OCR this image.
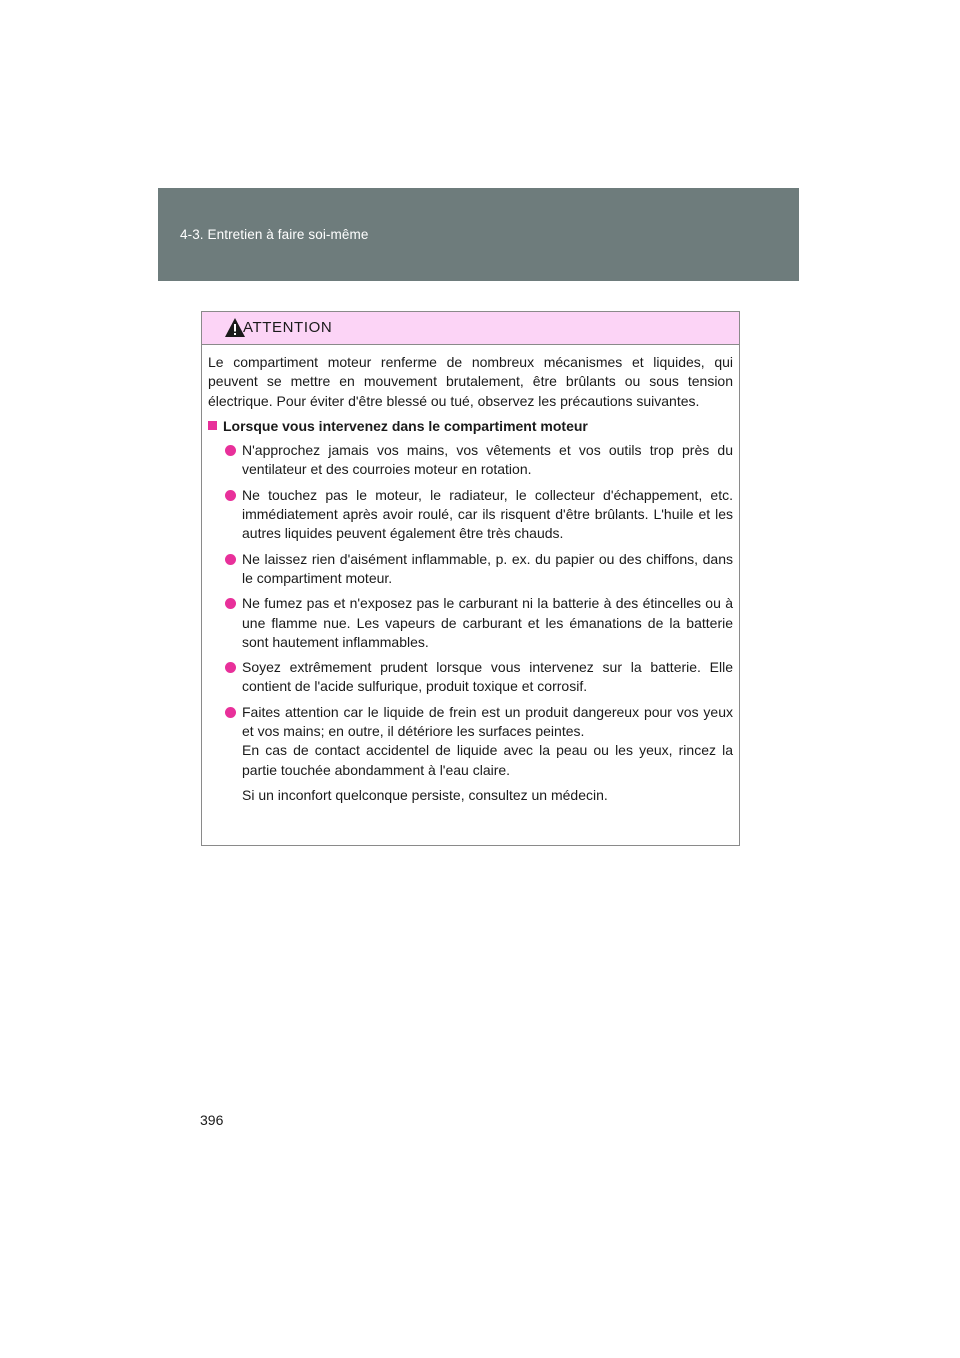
4-3. Entretien à faire soi-même
ATTENTION

Le compartiment moteur renferme de nombreux mécanismes et liquides, qui peuvent se mettre en mouvement brutalement, être brûlants ou sous tension électrique. Pour éviter d'être blessé ou tué, observez les précautions suivantes.

Lorsque vous intervenez dans le compartiment moteur
N'approchez jamais vos mains, vos vêtements et vos outils trop près du ventilateur et des courroies moteur en rotation.
Ne touchez pas le moteur, le radiateur, le collecteur d'échappement, etc. immédiatement après avoir roulé, car ils risquent d'être brûlants. L'huile et les autres liquides peuvent également être très chauds.
Ne laissez rien d'aisément inflammable, p. ex. du papier ou des chiffons, dans le compartiment moteur.
Ne fumez pas et n'exposez pas le carburant ni la batterie à des étincelles ou à une flamme nue. Les vapeurs de carburant et les émanations de la batterie sont hautement inflammables.
Soyez extrêmement prudent lorsque vous intervenez sur la batterie. Elle contient de l'acide sulfurique, produit toxique et corrosif.
Faites attention car le liquide de frein est un produit dangereux pour vos yeux et vos mains; en outre, il détériore les surfaces peintes.
En cas de contact accidentel de liquide avec la peau ou les yeux, rincez la partie touchée abondamment à l'eau claire.

Si un inconfort quelconque persiste, consultez un médecin.

396
